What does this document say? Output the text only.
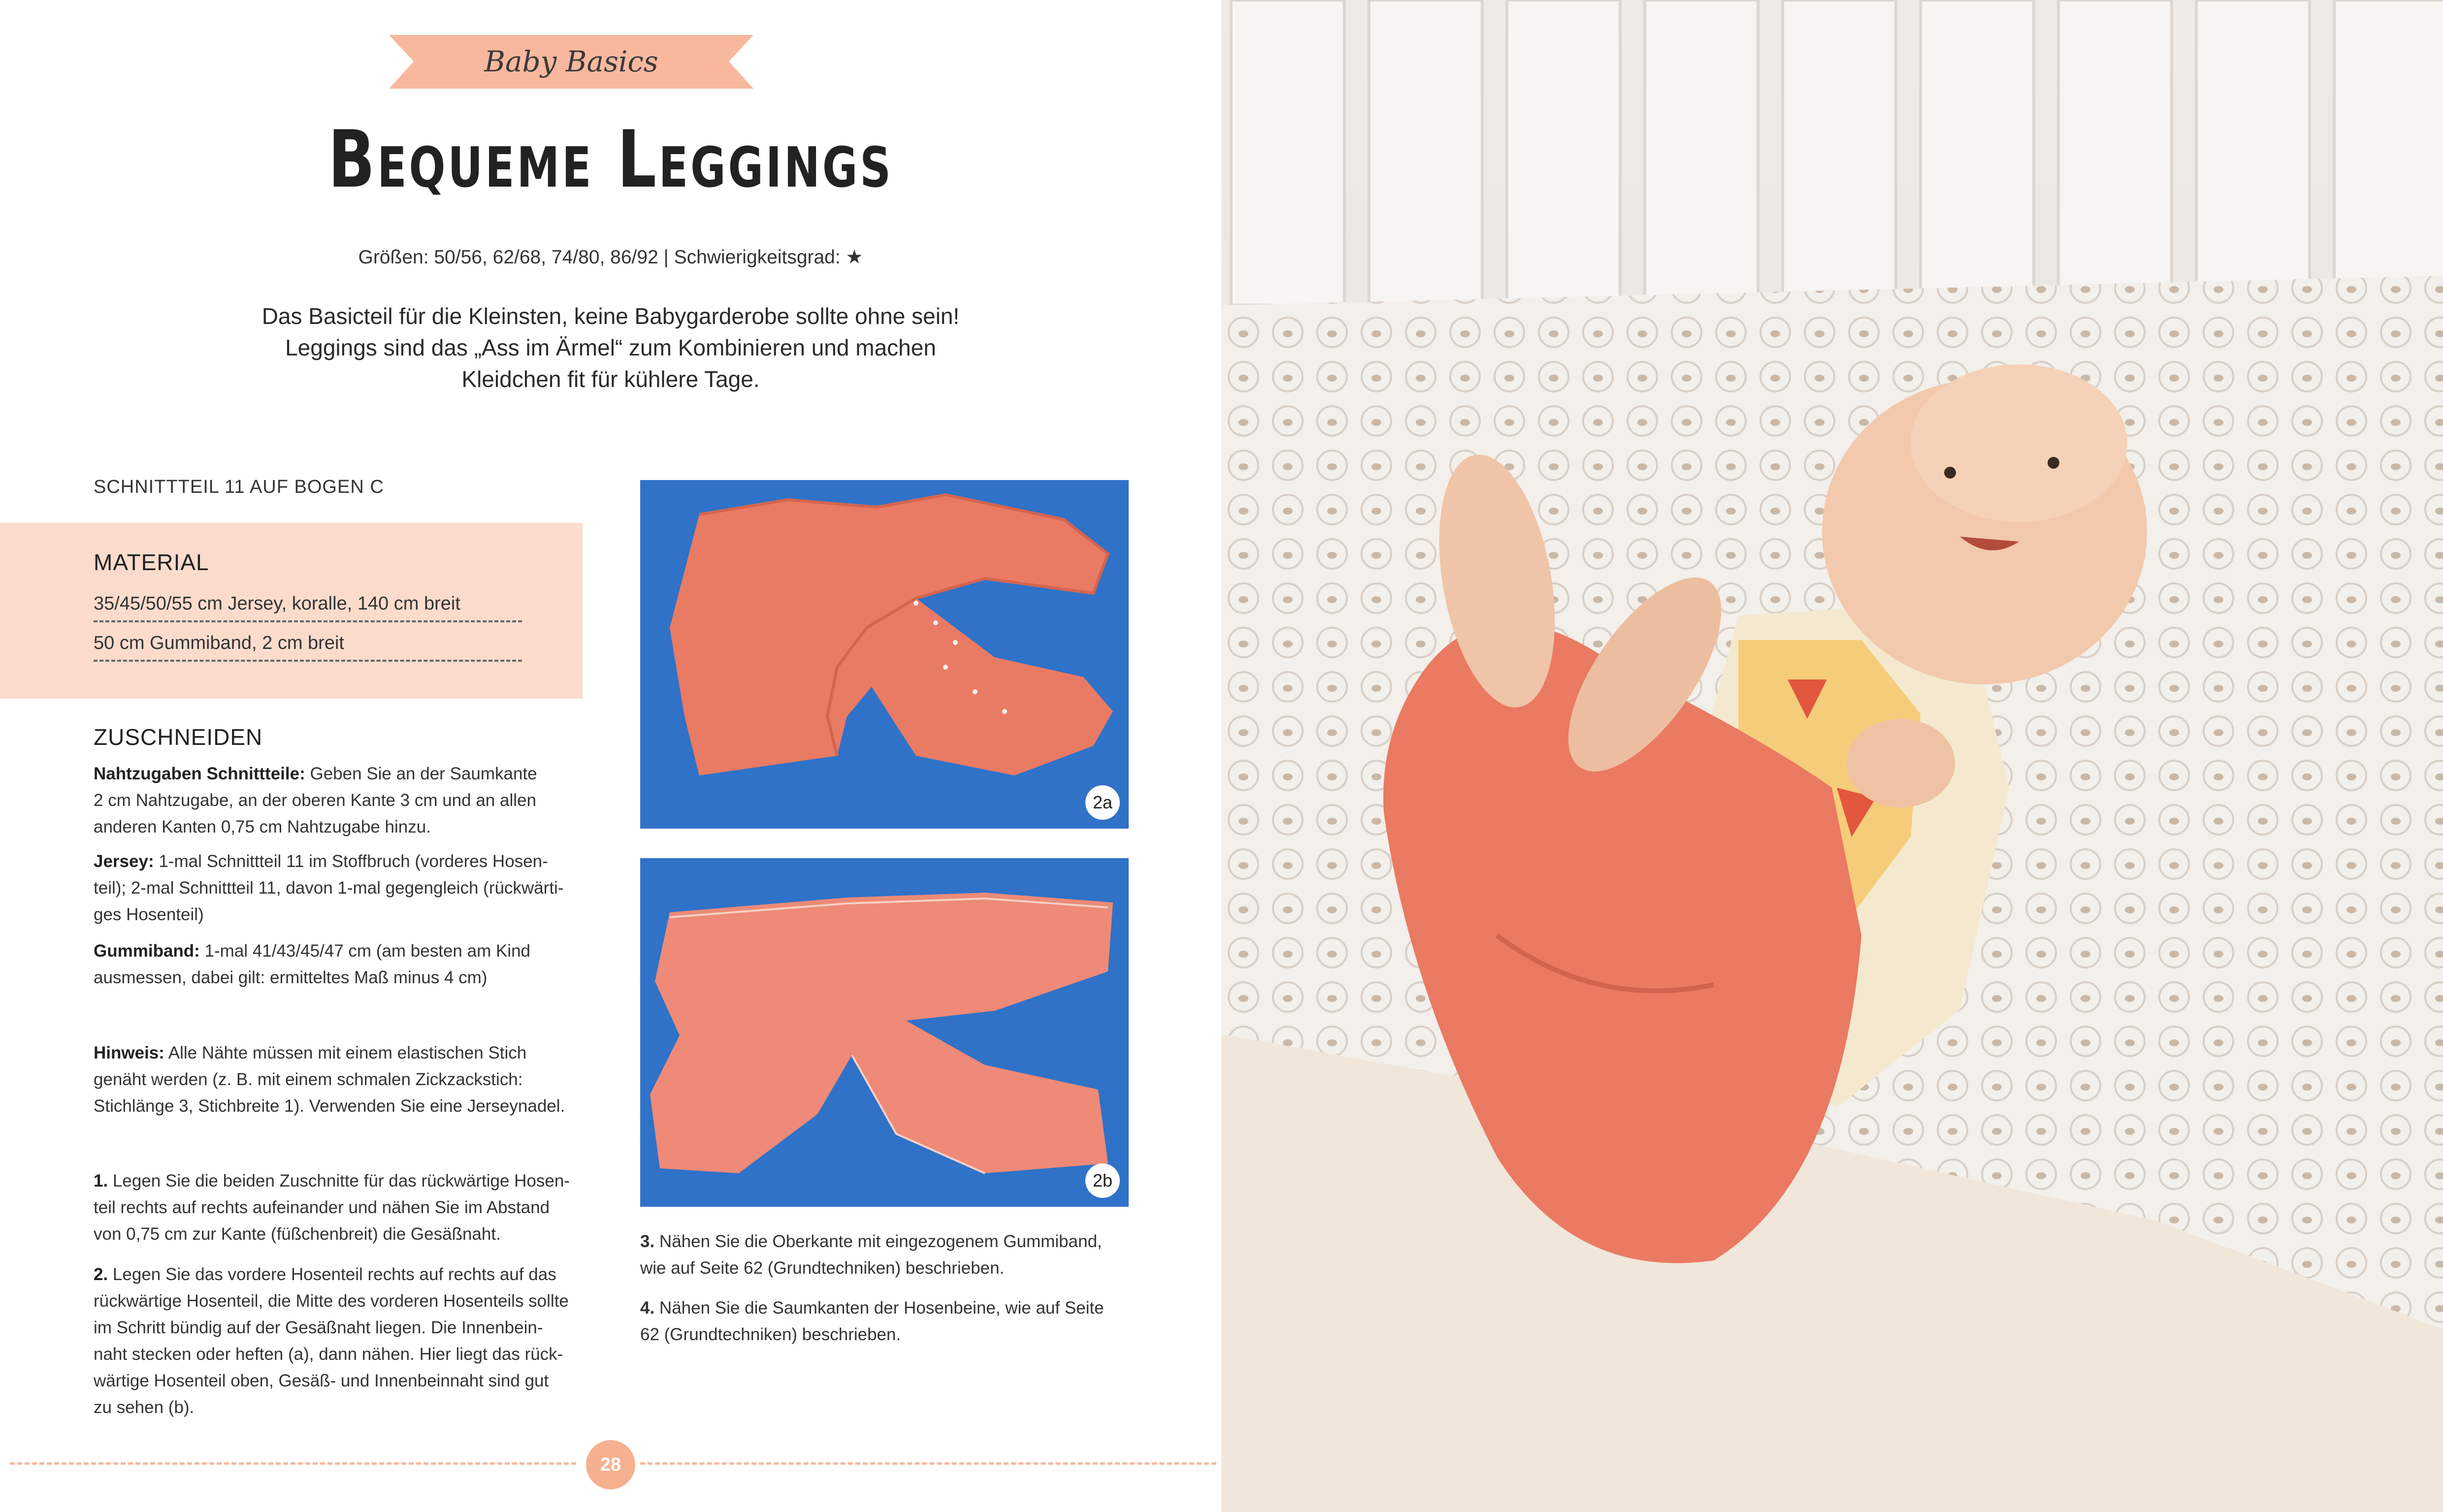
Baby Basics
Bequeme Leggings
Größen: 50/56, 62/68, 74/80, 86/92 | Schwierigkeitsgrad: ★
Das Basicteil für die Kleinsten, keine Babygarderobe sollte ohne sein!
Leggings sind das „Ass im Ärmel“ zum Kombinieren und machen
Kleidchen fit für kühlere Tage.
SCHNITTTEIL 11 AUF BOGEN C
MATERIAL
35/45/50/55 cm Jersey, koralle, 140 cm breit
50 cm Gummiband, 2 cm breit
ZUSCHNEIDEN
Nahtzugaben Schnittteile: Geben Sie an der Saumkante
2 cm Nahtzugabe, an der oberen Kante 3 cm und an allen
anderen Kanten 0,75 cm Nahtzugabe hinzu.
Jersey: 1-mal Schnittteil 11 im Stoffbruch (vorderes Hosen-
teil); 2-mal Schnittteil 11, davon 1-mal gegengleich (rückwärti-
ges Hosenteil)
Gummiband: 1-mal 41/43/45/47 cm (am besten am Kind
ausmessen, dabei gilt: ermitteltes Maß minus 4 cm)
Hinweis: Alle Nähte müssen mit einem elastischen Stich
genäht werden (z. B. mit einem schmalen Zickzackstich:
Stichlänge 3, Stichbreite 1). Verwenden Sie eine Jerseynadel.
1. Legen Sie die beiden Zuschnitte für das rückwärtige Hosen-
teil rechts auf rechts aufeinander und nähen Sie im Abstand
von 0,75 cm zur Kante (füßchenbreit) die Gesäßnaht.
2. Legen Sie das vordere Hosenteil rechts auf rechts auf das
rückwärtige Hosenteil, die Mitte des vorderen Hosenteils sollte
im Schritt bündig auf der Gesäßnaht liegen. Die Innenbein-
naht stecken oder heften (a), dann nähen. Hier liegt das rück-
wärtige Hosenteil oben, Gesäß- und Innenbeinnaht sind gut
zu sehen (b).
2a
2b
3. Nähen Sie die Oberkante mit eingezogenem Gummiband,
wie auf Seite 62 (Grundtechniken) beschrieben.
4. Nähen Sie die Saumkanten der Hosenbeine, wie auf Seite
62 (Grundtechniken) beschrieben.
28
